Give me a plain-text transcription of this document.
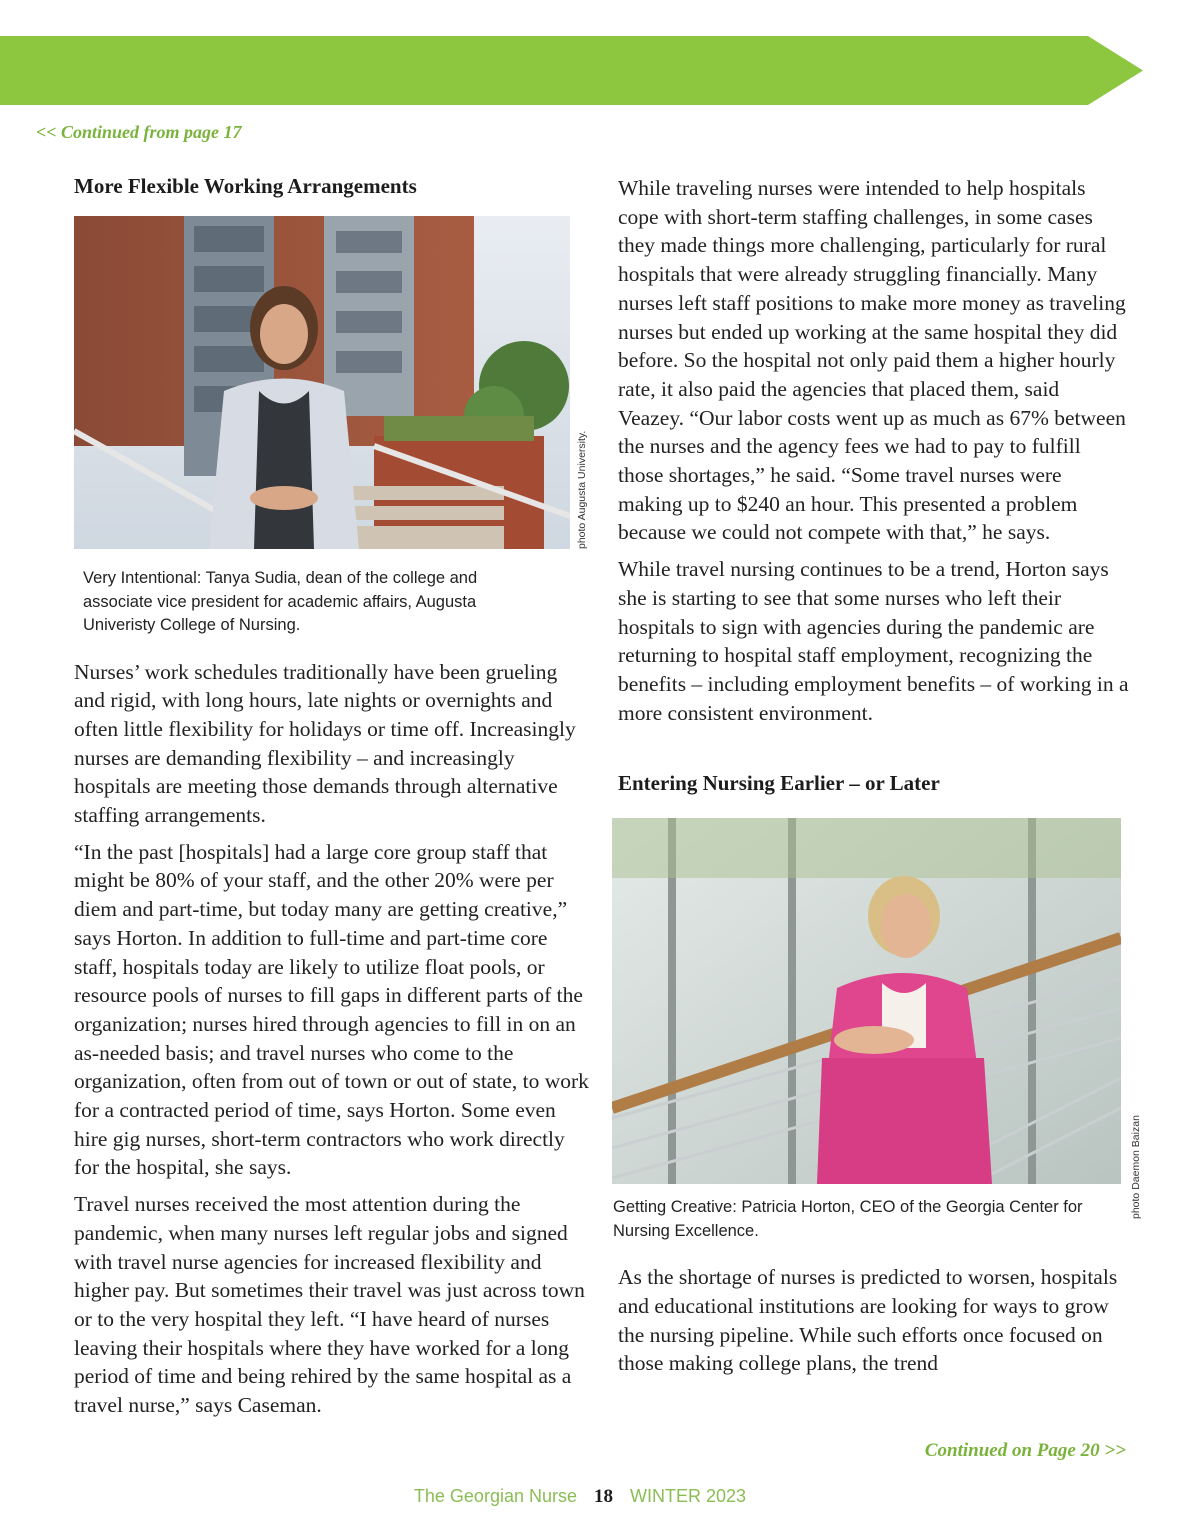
<< Continued from page 17
More Flexible Working Arrangements
photo Augusta University.
Very Intentional: Tanya Sudia, dean of the college and associate vice president for academic affairs, Augusta Univeristy College of Nursing.

Nurses’ work schedules traditionally have been grueling and rigid, with long hours, late nights or overnights and often little flexibility for holidays or time off. Increasingly nurses are demanding flexibility – and increasingly hospitals are meeting those demands through alternative staffing arrangements.

“In the past [hospitals] had a large core group staff that might be 80% of your staff, and the other 20% were per diem and part-time, but today many are getting creative,” says Horton. In addition to full-time and part-time core staff, hospitals today are likely to utilize float pools, or resource pools of nurses to fill gaps in different parts of the organization; nurses hired through agencies to fill in on an as-needed basis; and travel nurses who come to the organization, often from out of town or out of state, to work for a contracted period of time, says Horton. Some even hire gig nurses, short-term contractors who work directly for the hospital, she says.

Travel nurses received the most attention during the pandemic, when many nurses left regular jobs and signed with travel nurse agencies for increased flexibility and higher pay. But sometimes their travel was just across town or to the very hospital they left. “I have heard of nurses leaving their hospitals where they have worked for a long period of time and being rehired by the same hospital as a travel nurse,” says Caseman.

While traveling nurses were intended to help hospitals cope with short-term staffing challenges, in some cases they made things more challenging, particularly for rural hospitals that were already struggling financially. Many nurses left staff positions to make more money as traveling nurses but ended up working at the same hospital they did before. So the hospital not only paid them a higher hourly rate, it also paid the agencies that placed them, said Veazey. “Our labor costs went up as much as 67% between the nurses and the agency fees we had to pay to fulfill those shortages,” he said. “Some travel nurses were making up to $240 an hour. This presented a problem because we could not compete with that,” he says.

While travel nursing continues to be a trend, Horton says she is starting to see that some nurses who left their hospitals to sign with agencies during the pandemic are returning to hospital staff employment, recognizing the benefits – including employment benefits – of working in a more consistent environment.

Entering Nursing Earlier – or Later
photo Daemon Baizan
Getting Creative: Patricia Horton, CEO of the Georgia Center for Nursing Excellence.

As the shortage of nurses is predicted to worsen, hospitals and educational institutions are looking for ways to grow the nursing pipeline. While such efforts once focused on those making college plans, the trend

Continued on Page 20 >>
The Georgian Nurse 18 WINTER 2023
